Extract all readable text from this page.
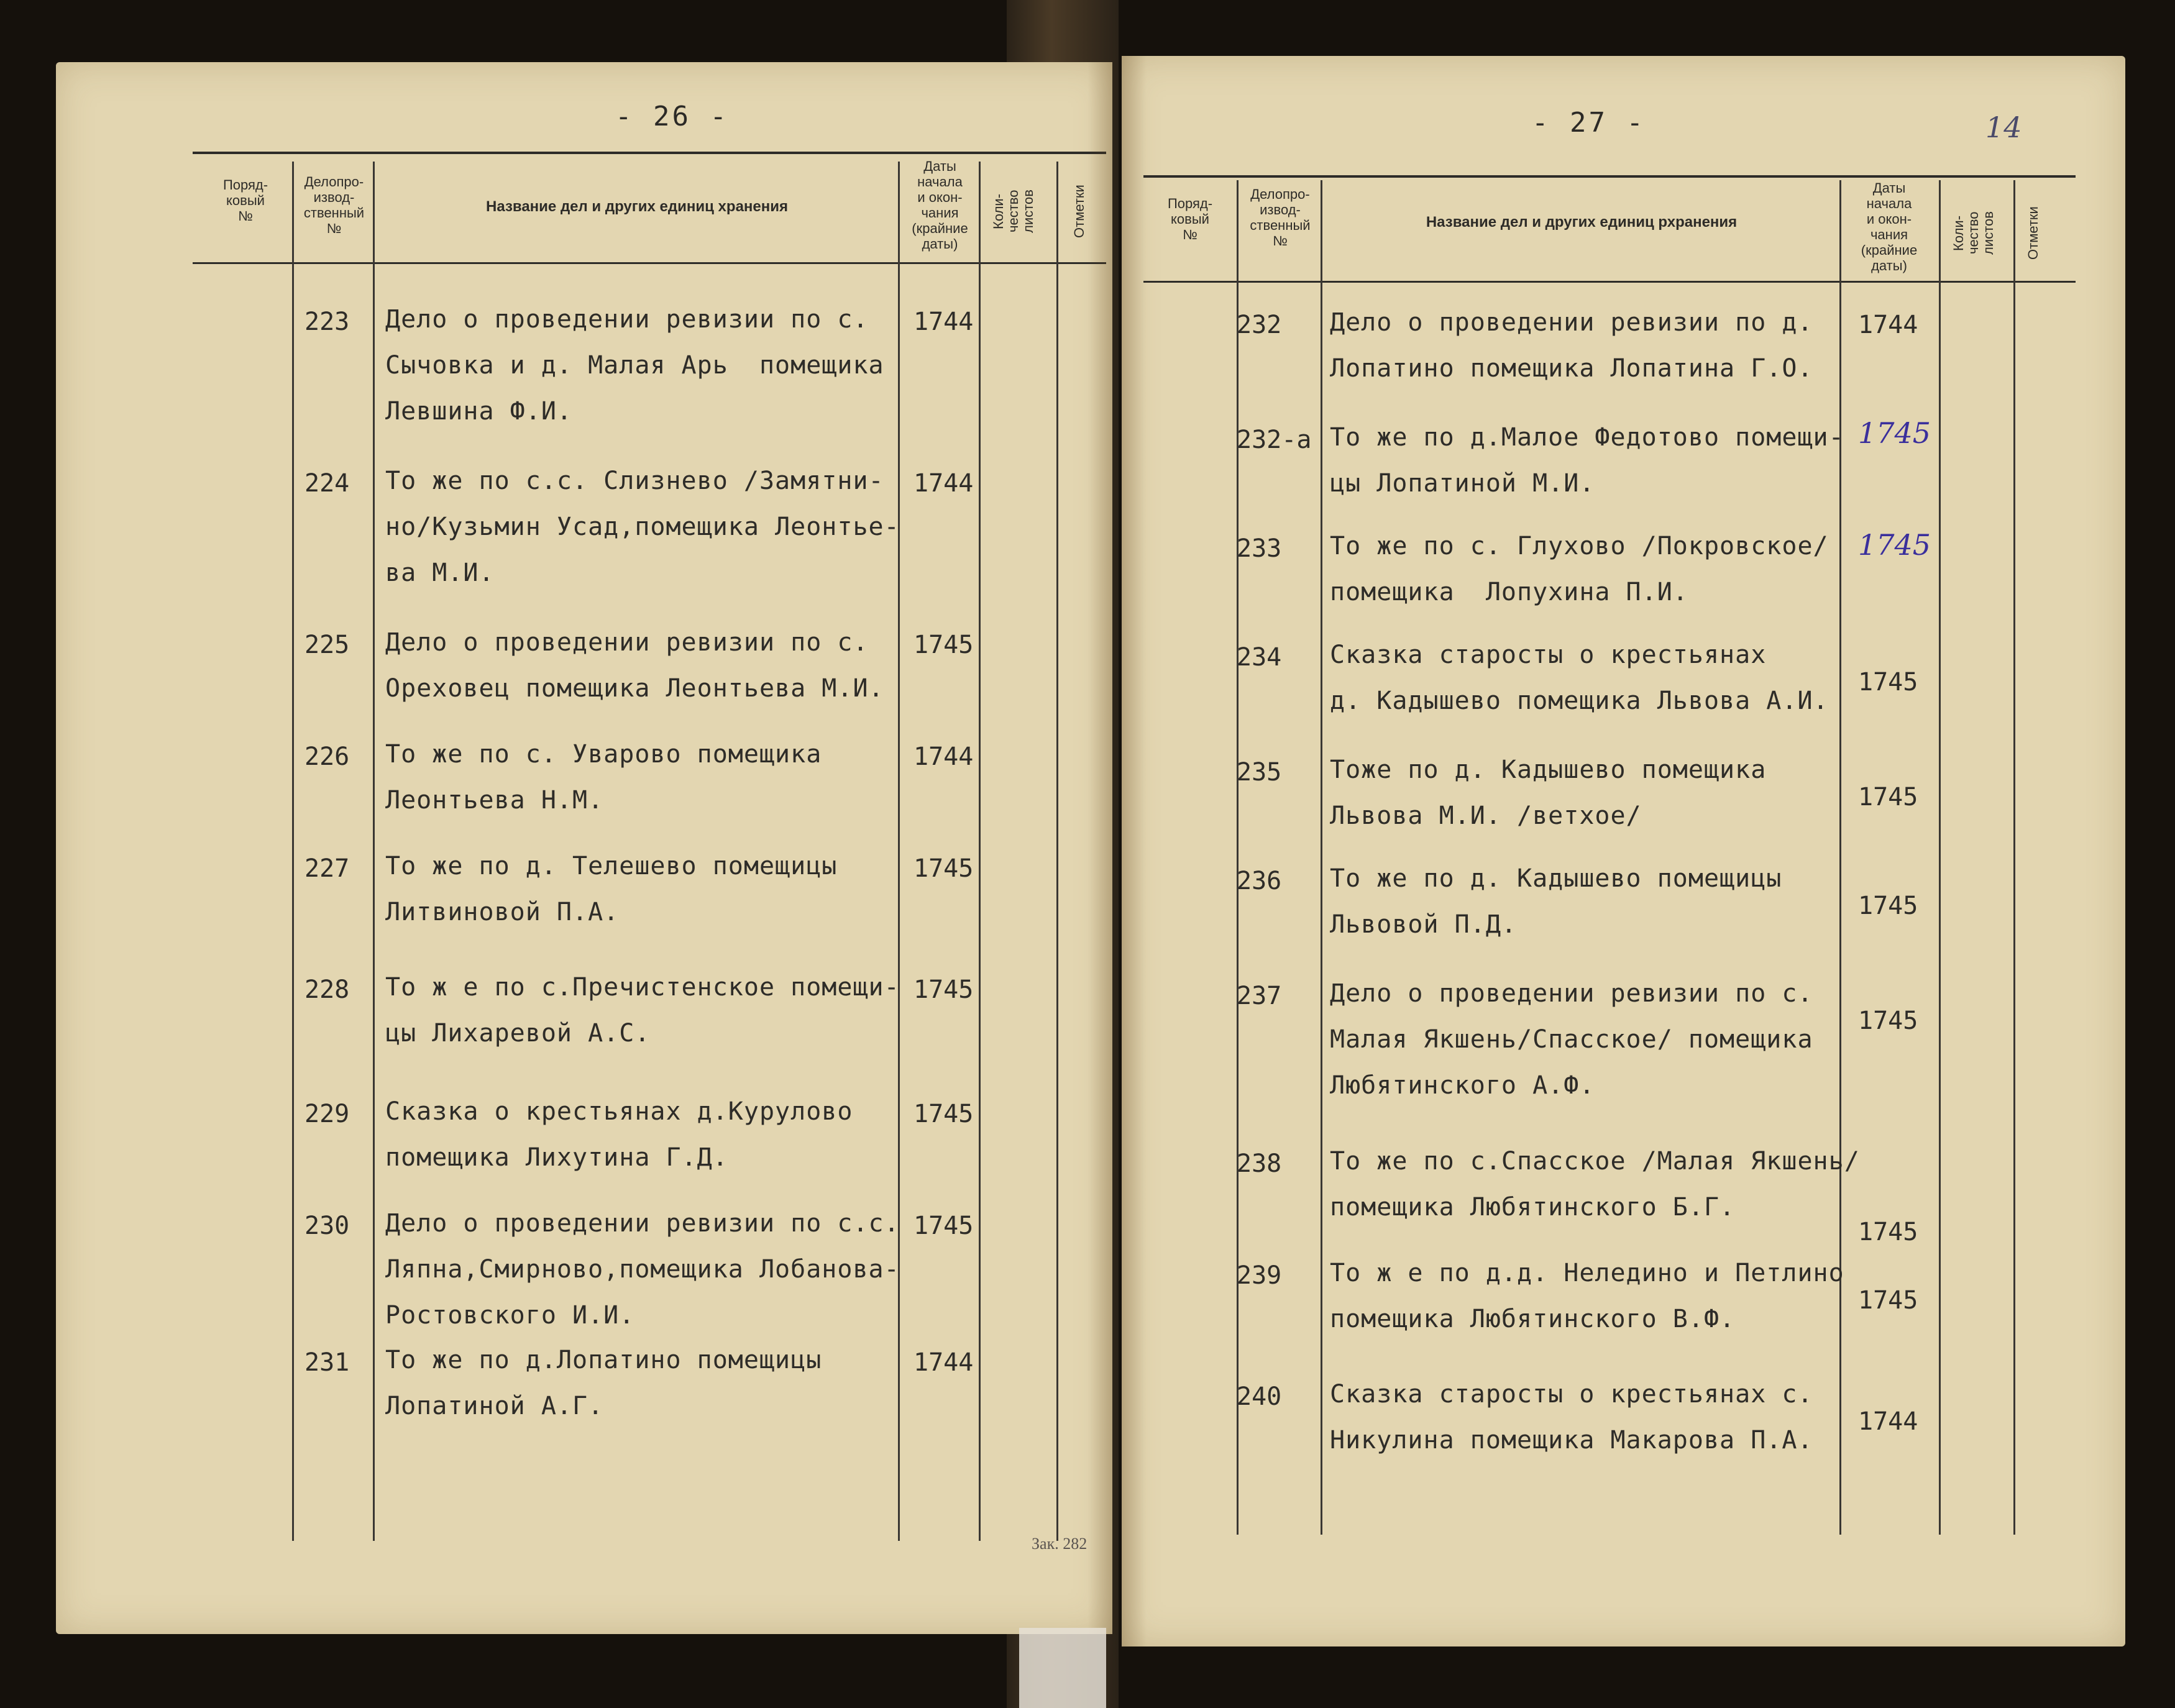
- 26 -
Поряд-
ковый
№
Делопро-
извод-
ственный
№
Название дел и других единиц хранения
Даты
начала
и окон-
чания
(крайние
даты)
Коли-
чество
листов	Отметки
223 Дело о проведении ревизии по с.
Сычовка и д. Малая Арь  помещика
Левшина Ф.И.
1744
224 То же по с.с. Слизнево /Замятни-
но/Кузьмин Усад,помещика Леонтье-
ва М.И.
1744
225 Дело о проведении ревизии по с.
Ореховец помещика Леонтьева М.И.
1745
226 То же по с. Уварово помещика
Леонтьева Н.М.
1744
227 То же по д. Телешево помещицы
Литвиновой П.А.
1745
228 То ж е по с.Пречистенское помещи-
цы Лихаревой А.С.
1745
229 Сказка о крестьянах д.Курулово
помещика Лихутина Г.Д.
1745
230 Дело о проведении ревизии по с.с.
Ляпна,Смирново,помещика Лобанова-
Ростовского И.И.
1745
231 То же по д.Лопатино помещицы
Лопатиной А.Г.
1744
Зак. 282
- 27 -	14
Поряд-
ковый
№
Делопро-
извод-
ственный
№
Название дел и других единиц рхранения
Даты
начала
и окон-
чания
(крайние
даты)
Коли-
чество
листов Отметки
232 Дело о проведении ревизии по д.
Лопатино помещика Лопатина Г.О.
1744
232-а То же по д.Малое Федотово помещи-
цы Лопатиной М.И.
1745
233 То же по с. Глухово /Покровское/
помещика  Лопухина П.И.
1745
234 Сказка старосты о крестьянах
д. Кадышево помещика Львова А.И.
1745
235 Тоже по д. Кадышево помещика
Львова М.И. /ветхое/
1745
236 То же по д. Кадышево помещицы
Львовой П.Д.
1745
237 Дело о проведении ревизии по с.
Малая Якшень/Спасское/ помещика
Любятинского А.Ф.
1745
238 То же по с.Спасское /Малая Якшень/
помещика Любятинского Б.Г.
1745
239 То ж е по д.д. Неледино и Петлино
помещика Любятинского В.Ф.
1745
240 Сказка старосты о крестьянах с.
Никулина помещика Макарова П.А.
1744
